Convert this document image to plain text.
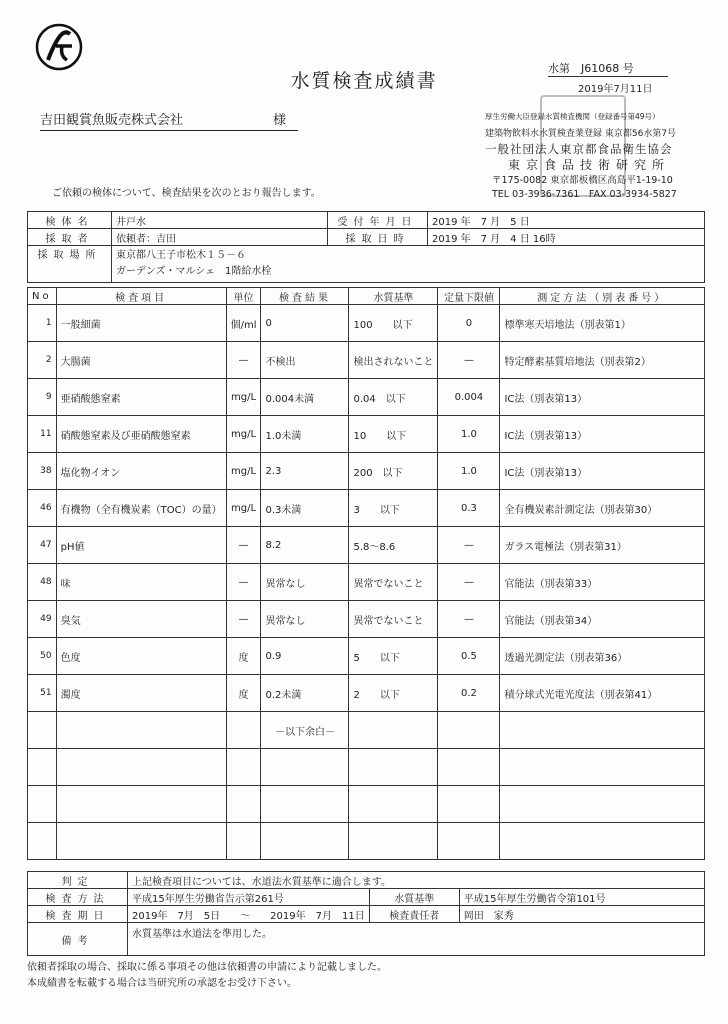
水質検査成績書
水第　J61068 号
2019年7月11日
吉田観賞魚販売株式会社	様	厚生労働大臣登録水質検査機関（登録番号第49号）
建築物飲料水水質検査業登録 東京都56水第7号
一般社団法人東京都食品衛生協会
東京食品技術研究所
〒175-0082 東京都板橋区高島平1-19-10
TEL 03-3936-7361　FAX 03-3934-5827
ご依頼の検体について、検査結果を次のとおり報告します。
検体名	井戸水	受付年月日	2019 年　7 月　5 日
採取者	依頼者：吉田	採取日時	2019 年　7 月　4 日 16時
採取場所	東京都八王子市松木１５－６
ガーデンズ・マルシェ　1階給水栓		
No	検査項目	単位	検査結果	水質基準	定量下限値	測定方法（別表番号）
1	一般細菌	個/ml	0	100　　以下	0	標準寒天培地法（別表第1）
2	大腸菌	—	不検出	検出されないこと	—	特定酵素基質培地法（別表第2）
9	亜硝酸態窒素	mg/L	0.004未満	0.04　以下	0.004	IC法（別表第13）
11	硝酸態窒素及び亜硝酸態窒素	mg/L	1.0未満	10　　以下	1.0	IC法（別表第13）
38	塩化物イオン	mg/L	2.3	200　以下	1.0	IC法（別表第13）
46	有機物（全有機炭素（TOC）の量）	mg/L	0.3未満	3　　以下	0.3	全有機炭素計測定法（別表第30）
47	pH値	—	8.2	5.8～8.6	—	ガラス電極法（別表第31）
48	味	—	異常なし	異常でないこと	—	官能法（別表第33）
49	臭気	—	異常なし	異常でないこと	—	官能法（別表第34）
50	色度	度	0.9	5　　以下	0.5	透過光測定法（別表第36）
51	濁度	度	0.2未満	2　　以下	0.2	積分球式光電光度法（別表第41）
			－以下余白－			

判定	上記検査項目については、水道法水質基準に適合します。		
検査方法	平成15年厚生労働省告示第261号	水質基準	平成15年厚生労働省令第101号
検査期日	2019年　7月　5日　　～　　2019年　7月　11日	検査責任者	岡田　家秀
備考	水質基準は水道法を準用した。		
依頼者採取の場合、採取に係る事項その他は依頼書の申請により記載しました。
本成績書を転載する場合は当研究所の承認をお受け下さい。
